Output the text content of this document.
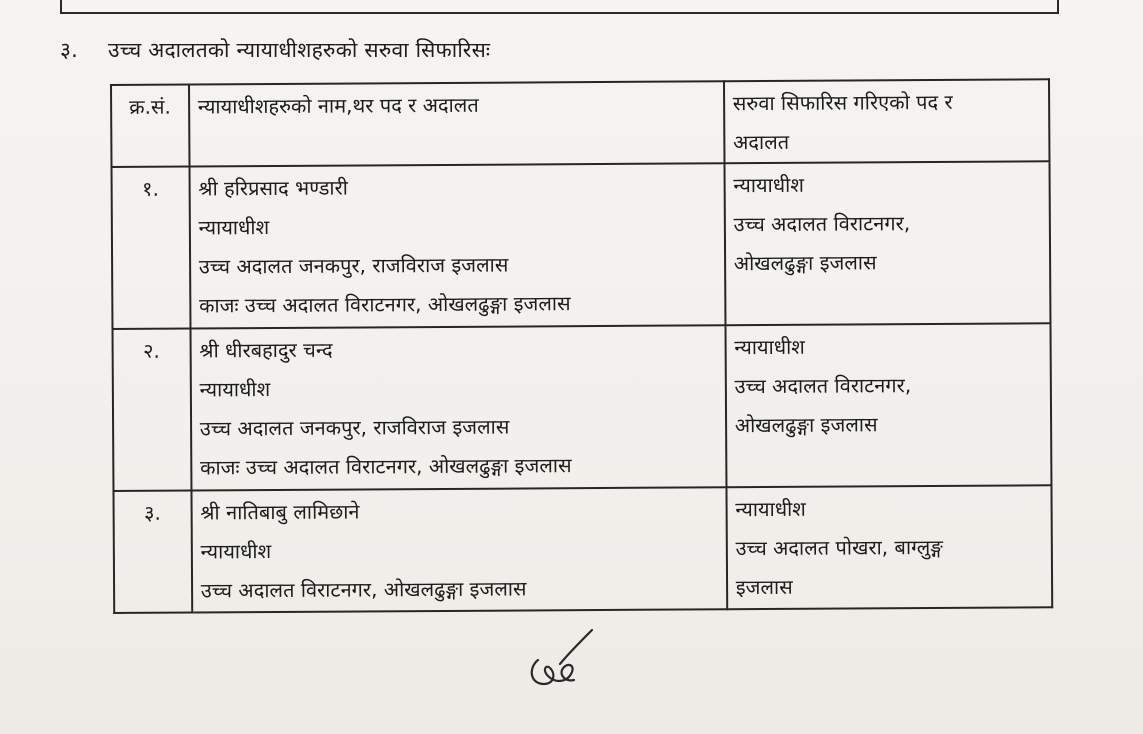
३. उच्च अदालतको न्यायाधीशहरुको सरुवा सिफारिसः
क्र.सं.	न्यायाधीशहरुको नाम,थर पद र अदालत	सरुवा सिफारिस गरिएको पद र
अदालत

१.	श्री हरिप्रसाद भण्डारी
न्यायाधीश
उच्च अदालत जनकपुर, राजविराज इजलास
काजः उच्च अदालत विराटनगर, ओखलढुङ्गा इजलास	न्यायाधीश
उच्च अदालत विराटनगर,
ओखलढुङ्गा इजलास

२.	श्री धीरबहादुर चन्द
न्यायाधीश
उच्च अदालत जनकपुर, राजविराज इजलास
काजः उच्च अदालत विराटनगर, ओखलढुङ्गा इजलास	न्यायाधीश
उच्च अदालत विराटनगर,
ओखलढुङ्गा इजलास

३.	श्री नातिबाबु लामिछाने
न्यायाधीश
उच्च अदालत विराटनगर, ओखलढुङ्गा इजलास	न्यायाधीश
उच्च अदालत पोखरा, बाग्लुङ्ग
इजलास
